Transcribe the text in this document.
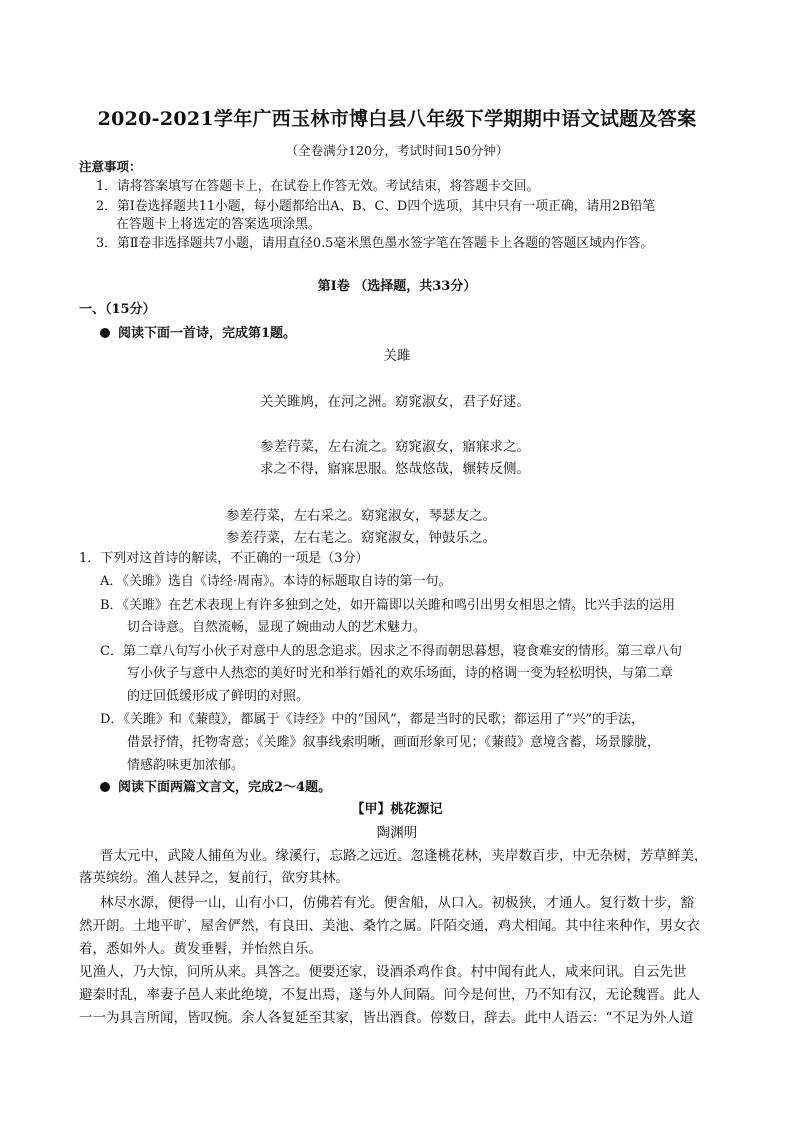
2020-2021学年广西玉林市博白县八年级下学期期中语文试题及答案
（全卷满分120分，考试时间150分钟）
注意事项：
1．请将答案填写在答题卡上，在试卷上作答无效。考试结束，将答题卡交回。
2．第Ⅰ卷选择题共11小题，每小题都给出A、B、C、D四个选项，其中只有一项正确，请用2B铅笔
在答题卡上将选定的答案选项涂黑。
3．第Ⅱ卷非选择题共7小题，请用直径0.5毫米黑色墨水签字笔在答题卡上各题的答题区域内作答。
第Ⅰ卷 （选择题，共33分）
一、（15分）
阅读下面一首诗，完成第1题。
关雎
关关雎鸠，在河之洲。窈窕淑女，君子好逑。
参差荇菜，左右流之。窈窕淑女，寤寐求之。
求之不得，寤寐思服。悠哉悠哉，辗转反侧。
参差荇菜，左右采之。窈窕淑女，琴瑟友之。
参差荇菜，左右芼之。窈窕淑女，钟鼓乐之。
1．下列对这首诗的解读，不正确的一项是（3分）
A．《关雎》选自《诗经·周南》。本诗的标题取自诗的第一句。
B．《关雎》在艺术表现上有许多独到之处，如开篇即以关雎和鸣引出男女相思之情。比兴手法的运用
切合诗意。自然流畅，显现了婉曲动人的艺术魅力。
C．第二章八句写小伙子对意中人的思念追求。因求之不得而朝思暮想，寝食难安的情形。第三章八句
写小伙子与意中人热恋的美好时光和举行婚礼的欢乐场面，诗的格调一变为轻松明快，与第二章
的迂回低缓形成了鲜明的对照。
D．《关雎》和《蒹葭》，都属于《诗经》中的“国风”，都是当时的民歌；都运用了“兴”的手法，
借景抒情，托物寄意；《关雎》叙事线索明晰，画面形象可见；《蒹葭》意境含蓄，场景朦胧，
情感韵味更加浓郁。
阅读下面两篇文言文，完成2～4题。
【甲】桃花源记
陶渊明
晋太元中，武陵人捕鱼为业。缘溪行，忘路之远近。忽逢桃花林，夹岸数百步，中无杂树，芳草鲜美，
落英缤纷。渔人甚异之，复前行，欲穷其林。
林尽水源，便得一山，山有小口，仿佛若有光。便舍船，从口入。初极狭，才通人。复行数十步，豁
然开朗。土地平旷，屋舍俨然，有良田、美池、桑竹之属。阡陌交通，鸡犬相闻。其中往来种作，男女衣
着，悉如外人。黄发垂髫，并怡然自乐。
见渔人，乃大惊，问所从来。具答之。便要还家，设酒杀鸡作食。村中闻有此人，咸来问讯。自云先世
避秦时乱，率妻子邑人来此绝境，不复出焉，遂与外人间隔。问今是何世，乃不知有汉，无论魏晋。此人
一一为具言所闻，皆叹惋。余人各复延至其家，皆出酒食。停数日，辞去。此中人语云：“不足为外人道
